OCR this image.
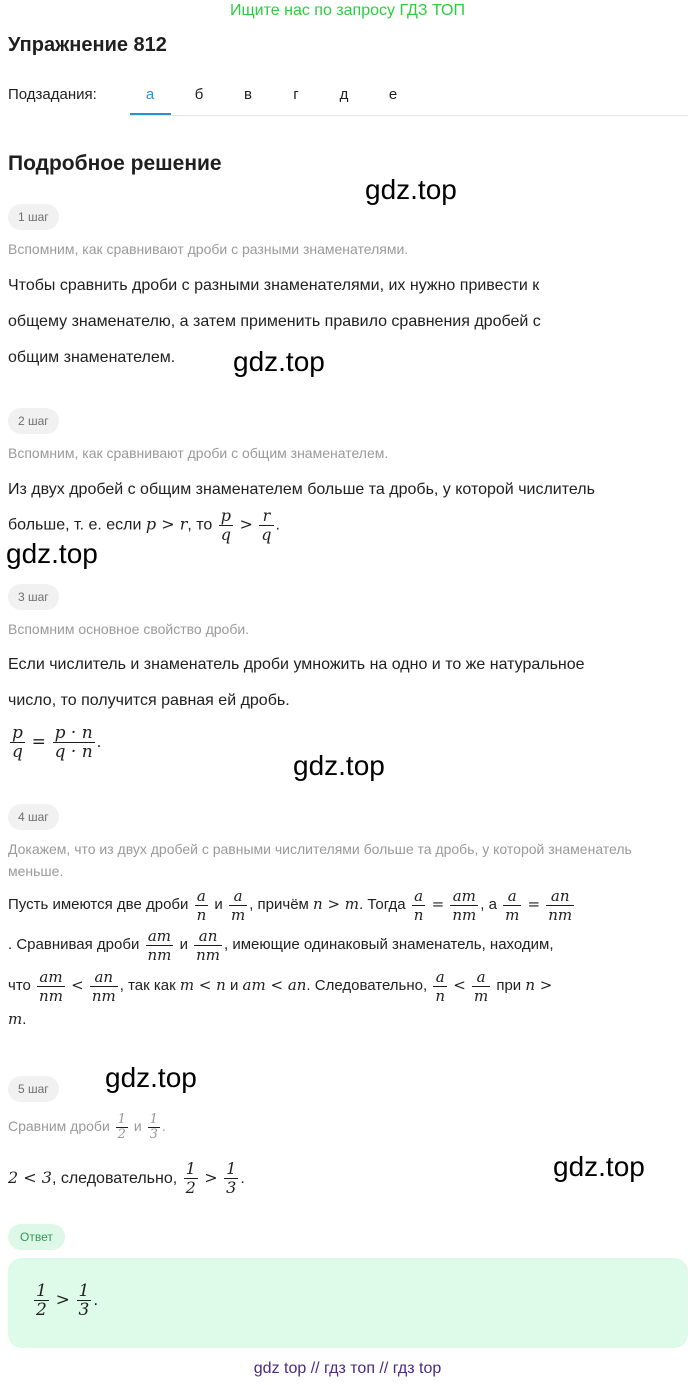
Ищите нас по запросу ГДЗ ТОП
Упражнение 812
Подзадания:	а	б	в	г	д	е
Подробное решение
gdz.top
gdz.top
gdz.top
gdz.top
gdz.top
gdz.top
1 шаг
Вспомним, как сравнивают дроби с разными знаменателями.
Чтобы сравнить дроби с разными знаменателями, их нужно привести к
общему знаменателю, а затем применить правило сравнения дробей с
общим знаменателем.
2 шаг
Вспомним, как сравнивают дроби с общим знаменателем.
Из двух дробей с общим знаменателем больше та дробь, у которой числитель
больше, т. е. если p > r, то $\frac{p}{q} > \frac{r}{q}$ .
3 шаг
Вспомним основное свойство дроби.
Если числитель и знаменатель дроби умножить на одно и то же натуральное
число, то получится равная ей дробь.
$\frac{p}{q} = \frac{p \cdot n}{q \cdot n}$ .
4 шаг
Докажем, что из двух дробей с равными числителями больше та дробь, у которой знаменатель меньше.
Пусть имеются две дроби $\frac{a}{n}$ и $\frac{a}{m}$ , причём n > m. Тогда $\frac{a}{n} = \frac{am}{nm}$ , а $\frac{a}{m} = \frac{an}{nm}$
. Сравнивая дроби $\frac{am}{nm}$ и $\frac{an}{nm}$ , имеющие одинаковый знаменатель, находим,
что $\frac{am}{nm} < \frac{an}{nm}$ , так как m < n и am < an. Следовательно, $\frac{a}{n} < \frac{a}{m}$ при n >
m.
5 шаг
Сравним дроби $\frac{1}{2}$ и $\frac{1}{3}$ .
2 < 3, следовательно, $\frac{1}{2} > \frac{1}{3}$ .
Ответ
$\frac{1}{2} > \frac{1}{3}$ .
gdz top // гдз топ // гдз top
